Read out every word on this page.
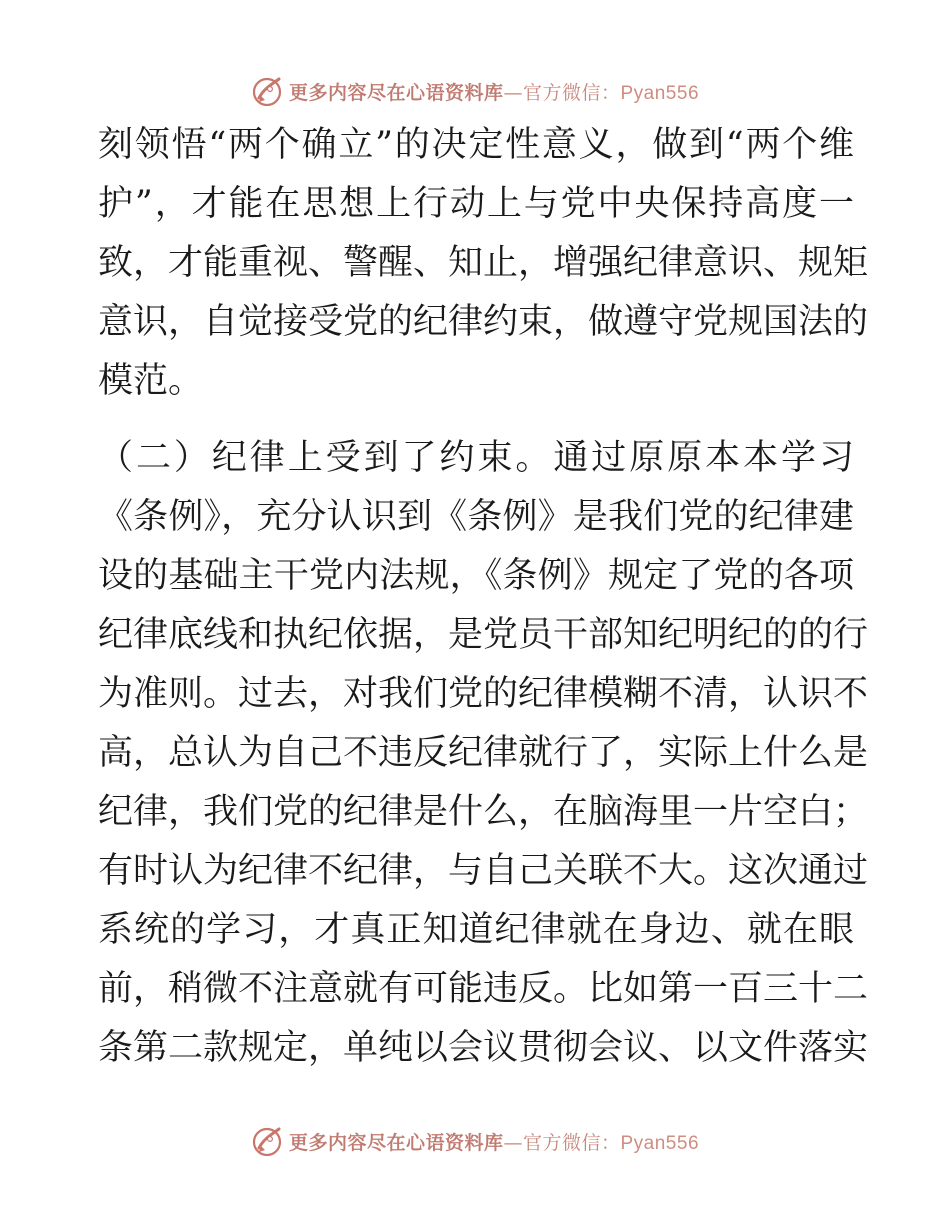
更多内容尽在心语资料库—官方微信：Pyan556
刻领悟“两个确立”的决定性意义，做到“两个维
护”，才能在思想上行动上与党中央保持高度一
致，才能重视、警醒、知止，增强纪律意识、规矩
意识，自觉接受党的纪律约束，做遵守党规国法的
模范。
（二）纪律上受到了约束。通过原原本本学习
《条例》，充分认识到《条例》是我们党的纪律建
设的基础主干党内法规，《条例》规定了党的各项
纪律底线和执纪依据，是党员干部知纪明纪的的行
为准则。过去，对我们党的纪律模糊不清，认识不
高，总认为自己不违反纪律就行了，实际上什么是
纪律，我们党的纪律是什么，在脑海里一片空白；
有时认为纪律不纪律，与自己关联不大。这次通过
系统的学习，才真正知道纪律就在身边、就在眼
前，稍微不注意就有可能违反。比如第一百三十二
条第二款规定，单纯以会议贯彻会议、以文件落实
更多内容尽在心语资料库—官方微信：Pyan556
